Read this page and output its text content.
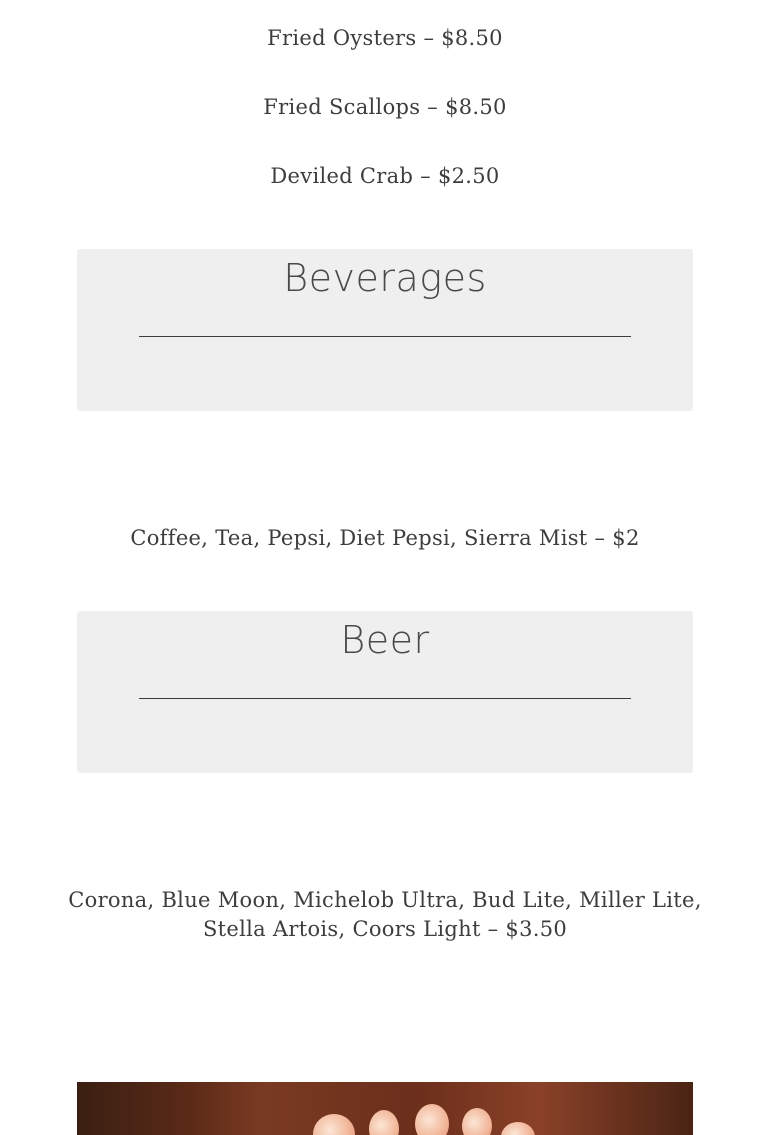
Fried Oysters – $8.50

Fried Scallops – $8.50

Deviled Crab – $2.50

Beverages

Coffee, Tea, Pepsi, Diet Pepsi, Sierra Mist – $2

Beer

Corona, Blue Moon, Michelob Ultra, Bud Lite, Miller Lite,

Stella Artois, Coors Light – $3.50
